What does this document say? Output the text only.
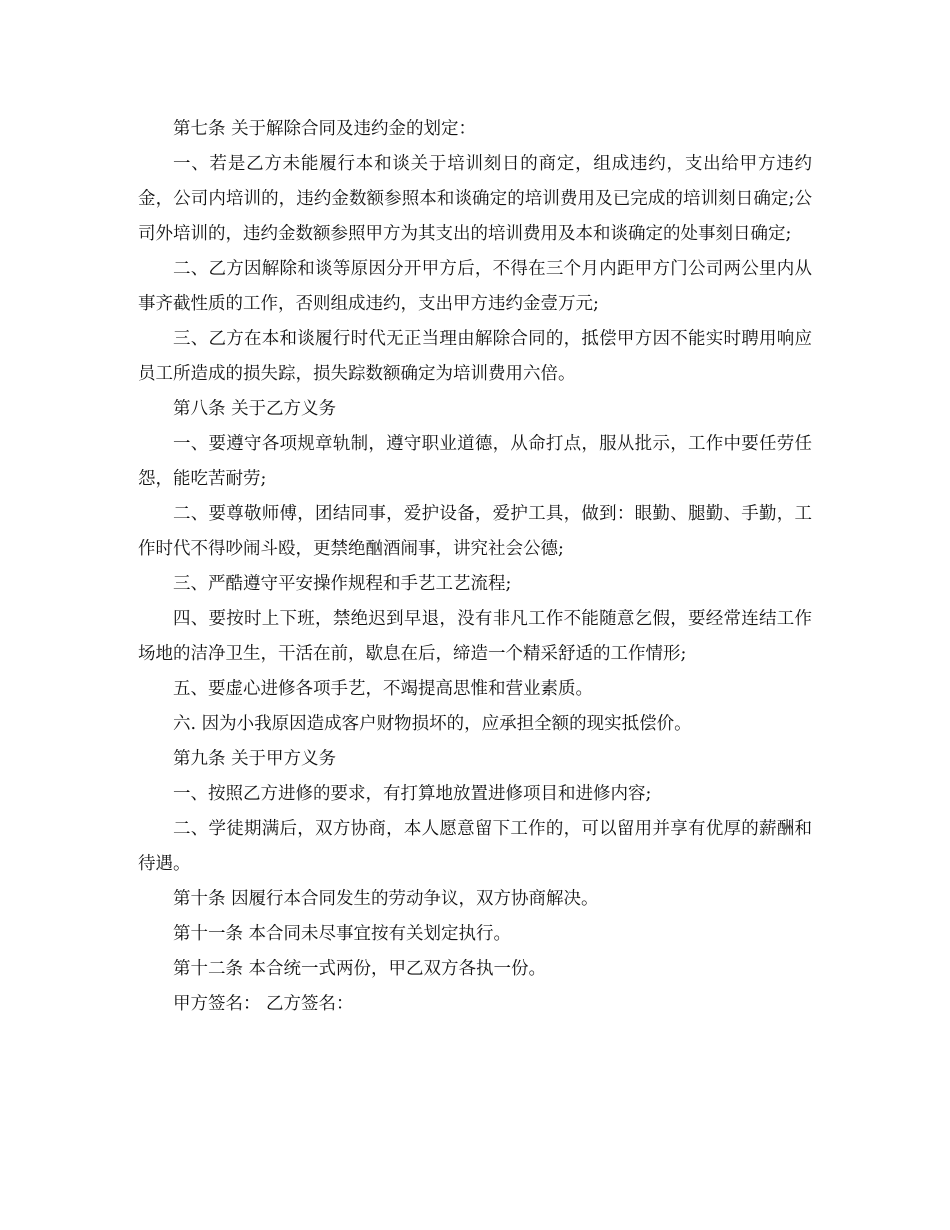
第七条 关于解除合同及违约金的划定：

一、若是乙方未能履行本和谈关于培训刻日的商定，组成违约，支出给甲方违约金，公司内培训的，违约金数额参照本和谈确定的培训费用及已完成的培训刻日确定;公司外培训的，违约金数额参照甲方为其支出的培训费用及本和谈确定的处事刻日确定;

二、乙方因解除和谈等原因分开甲方后，不得在三个月内距甲方门公司两公里内从事齐截性质的工作，否则组成违约，支出甲方违约金壹万元;

三、乙方在本和谈履行时代无正当理由解除合同的，抵偿甲方因不能实时聘用响应员工所造成的损失踪，损失踪数额确定为培训费用六倍。

第八条 关于乙方义务

一、要遵守各项规章轨制，遵守职业道德，从命打点，服从批示，工作中要任劳任怨，能吃苦耐劳;

二、要尊敬师傅，团结同事，爱护设备，爱护工具，做到：眼勤、腿勤、手勤，工作时代不得吵闹斗殴，更禁绝酗酒闹事，讲究社会公德;

三、严酷遵守平安操作规程和手艺工艺流程;

四、要按时上下班，禁绝迟到早退，没有非凡工作不能随意乞假，要经常连结工作场地的洁净卫生，干活在前，歇息在后，缔造一个精采舒适的工作情形;

五、要虚心进修各项手艺，不竭提高思惟和营业素质。

六. 因为小我原因造成客户财物损坏的，应承担全额的现实抵偿价。

第九条 关于甲方义务

一、按照乙方进修的要求，有打算地放置进修项目和进修内容;

二、学徒期满后，双方协商，本人愿意留下工作的，可以留用并享有优厚的薪酬和待遇。

第十条 因履行本合同发生的劳动争议，双方协商解决。

第十一条 本合同未尽事宜按有关划定执行。

第十二条 本合统一式两份，甲乙双方各执一份。

甲方签名： 乙方签名：
